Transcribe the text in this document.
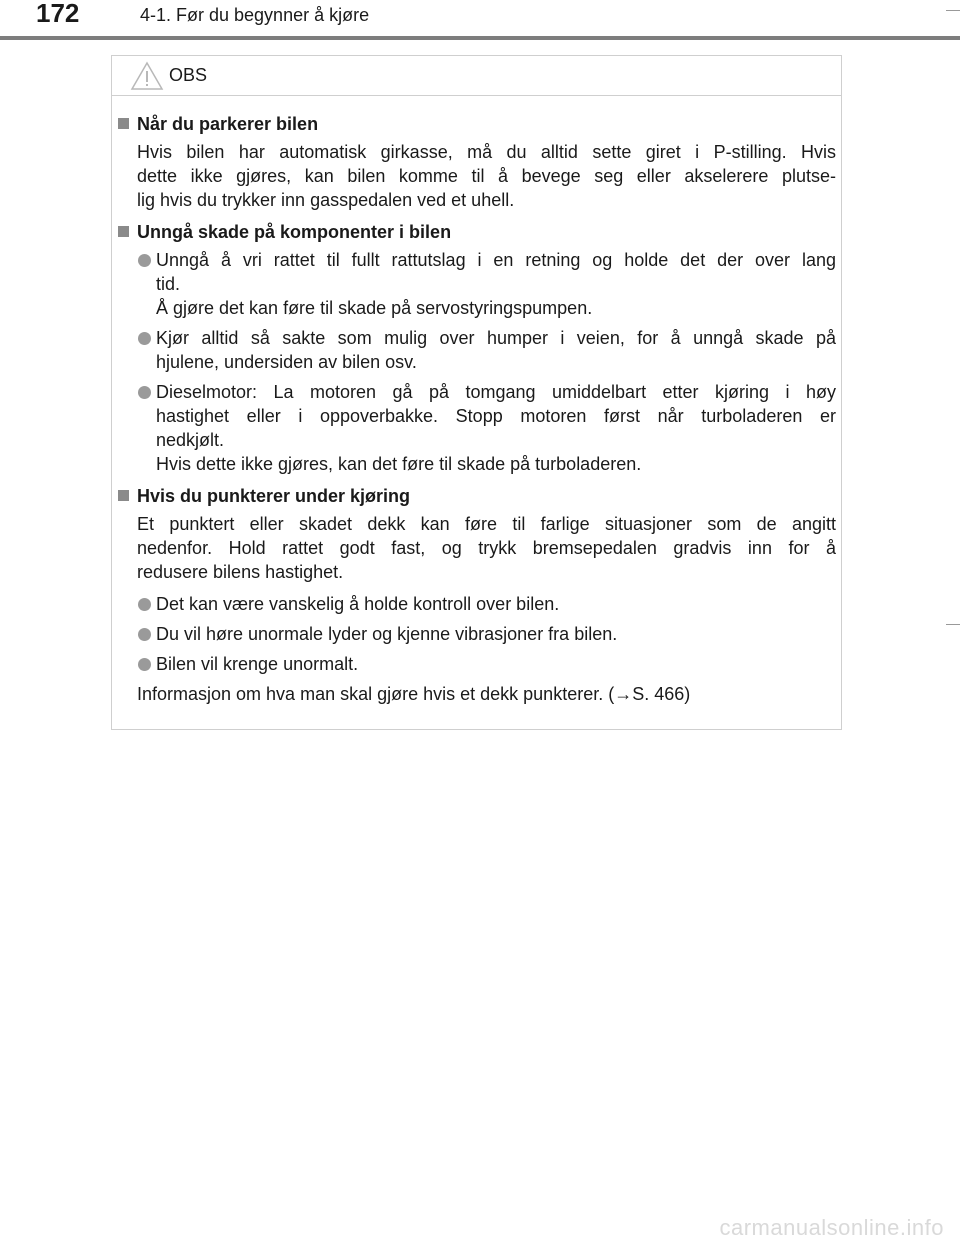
172	4-1. Før du begynner å kjøre
OBS
Når du parkerer bilen
Hvis bilen har automatisk girkasse, må du alltid sette giret i P-stilling. Hvis
dette ikke gjøres, kan bilen komme til å bevege seg eller akselerere plutse-
lig hvis du trykker inn gasspedalen ved et uhell.
Unngå skade på komponenter i bilen
Unngå å vri rattet til fullt rattutslag i en retning og holde det der over lang
tid.
Å gjøre det kan føre til skade på servostyringspumpen.
Kjør alltid så sakte som mulig over humper i veien, for å unngå skade på
hjulene, undersiden av bilen osv.
Dieselmotor: La motoren gå på tomgang umiddelbart etter kjøring i høy
hastighet eller i oppoverbakke. Stopp motoren først når turboladeren er
nedkjølt.
Hvis dette ikke gjøres, kan det føre til skade på turboladeren.
Hvis du punkterer under kjøring
Et punktert eller skadet dekk kan føre til farlige situasjoner som de angitt
nedenfor. Hold rattet godt fast, og trykk bremsepedalen gradvis inn for å
redusere bilens hastighet.
Det kan være vanskelig å holde kontroll over bilen.
Du vil høre unormale lyder og kjenne vibrasjoner fra bilen.
Bilen vil krenge unormalt.
Informasjon om hva man skal gjøre hvis et dekk punkterer. (→S. 466)
carmanualsonline.info
